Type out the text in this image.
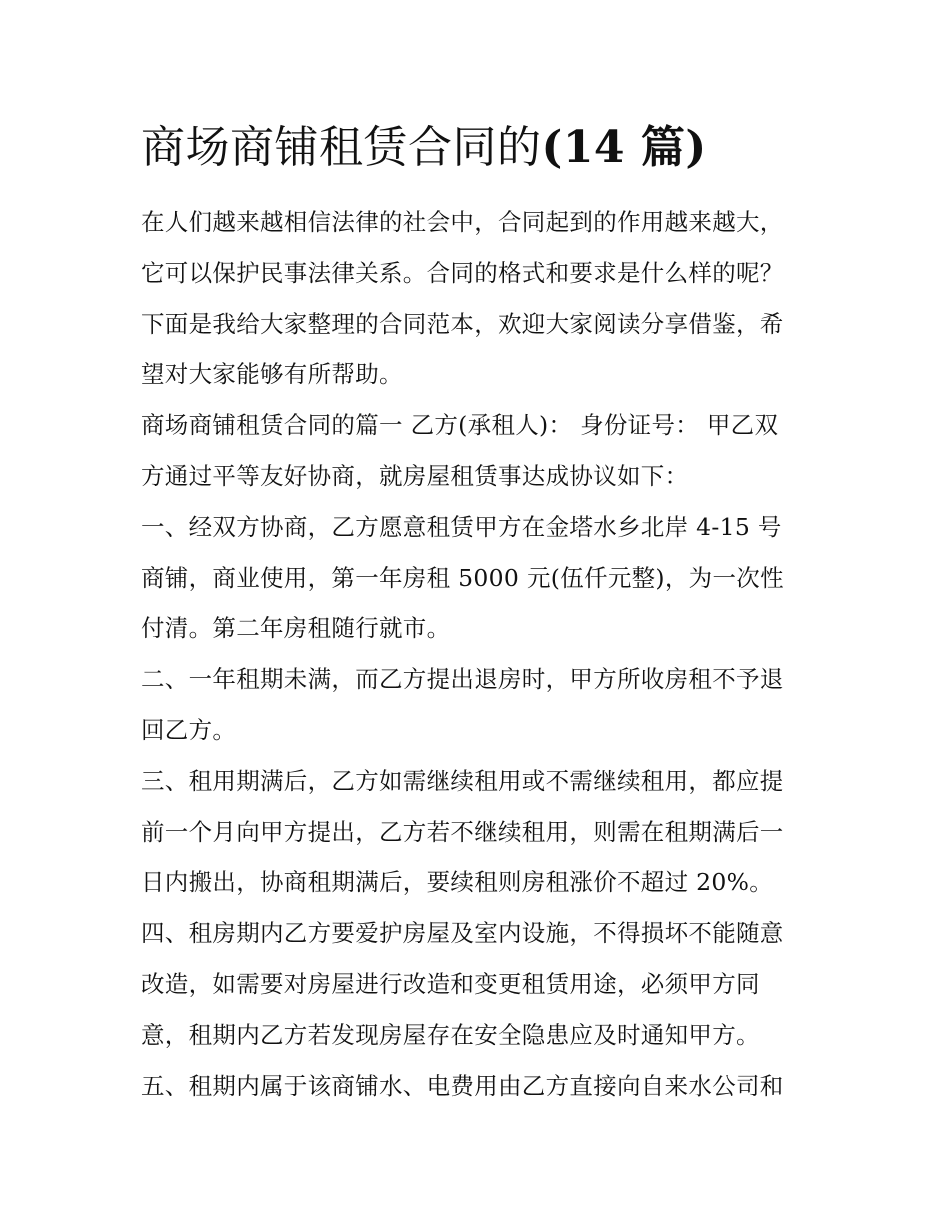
商场商铺租赁合同的(14 篇)
在人们越来越相信法律的社会中，合同起到的作用越来越大，
它可以保护民事法律关系。合同的格式和要求是什么样的呢？
下面是我给大家整理的合同范本，欢迎大家阅读分享借鉴，希
望对大家能够有所帮助。
商场商铺租赁合同的篇一 乙方(承租人)： 身份证号： 甲乙双
方通过平等友好协商，就房屋租赁事达成协议如下：
一、经双方协商，乙方愿意租赁甲方在金塔水乡北岸 4-15 号
商铺，商业使用，第一年房租 5000 元(伍仟元整)，为一次性
付清。第二年房租随行就市。
二、一年租期未满，而乙方提出退房时，甲方所收房租不予退
回乙方。
三、租用期满后，乙方如需继续租用或不需继续租用，都应提
前一个月向甲方提出，乙方若不继续租用，则需在租期满后一
日内搬出，协商租期满后，要续租则房租涨价不超过 20%。
四、租房期内乙方要爱护房屋及室内设施，不得损坏不能随意
改造，如需要对房屋进行改造和变更租赁用途，必须甲方同
意，租期内乙方若发现房屋存在安全隐患应及时通知甲方。
五、租期内属于该商铺水、电费用由乙方直接向自来水公司和
